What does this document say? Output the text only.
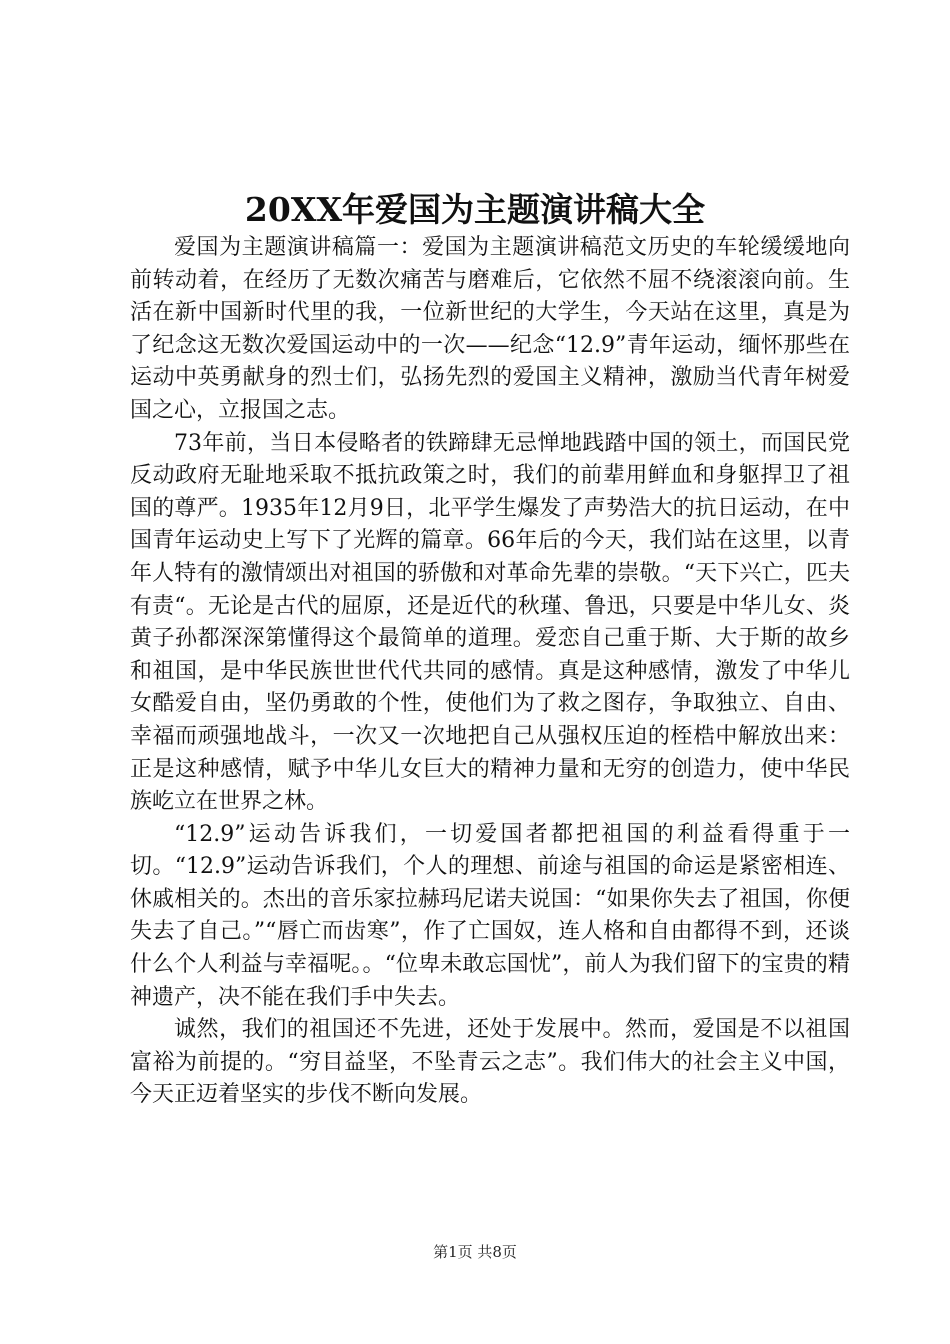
20XX年爱国为主题演讲稿大全

爱国为主题演讲稿篇一：爱国为主题演讲稿范文历史的车轮缓缓地向前转动着，在经历了无数次痛苦与磨难后，它依然不屈不绕滚滚向前。生活在新中国新时代里的我，一位新世纪的大学生，今天站在这里，真是为了纪念这无数次爱国运动中的一次——纪念“12.9”青年运动，缅怀那些在运动中英勇献身的烈士们，弘扬先烈的爱国主义精神，激励当代青年树爱国之心，立报国之志。

73年前，当日本侵略者的铁蹄肆无忌惮地践踏中国的领土，而国民党反动政府无耻地采取不抵抗政策之时，我们的前辈用鲜血和身躯捍卫了祖国的尊严。1935年12月9日，北平学生爆发了声势浩大的抗日运动，在中国青年运动史上写下了光辉的篇章。66年后的今天，我们站在这里，以青年人特有的激情颂出对祖国的骄傲和对革命先辈的崇敬。“天下兴亡，匹夫有责“。无论是古代的屈原，还是近代的秋瑾、鲁迅，只要是中华儿女、炎黄子孙都深深第懂得这个最简单的道理。爱恋自己重于斯、大于斯的故乡和祖国，是中华民族世世代代共同的感情。真是这种感情，激发了中华儿女酷爱自由，坚仍勇敢的个性，使他们为了救之图存，争取独立、自由、幸福而顽强地战斗，一次又一次地把自己从强权压迫的桎梏中解放出来：正是这种感情，赋予中华儿女巨大的精神力量和无穷的创造力，使中华民族屹立在世界之林。

“12.9”运动告诉我们，一切爱国者都把祖国的利益看得重于一切。“12.9”运动告诉我们，个人的理想、前途与祖国的命运是紧密相连、休戚相关的。杰出的音乐家拉赫玛尼诺夫说国：“如果你失去了祖国，你便失去了自己。”“唇亡而齿寒”，作了亡国奴，连人格和自由都得不到，还谈什么个人利益与幸福呢。。“位卑未敢忘国忧”，前人为我们留下的宝贵的精神遗产，决不能在我们手中失去。

诚然，我们的祖国还不先进，还处于发展中。然而，爱国是不以祖国富裕为前提的。“穷目益坚，不坠青云之志”。我们伟大的社会主义中国，今天正迈着坚实的步伐不断向发展。

第1页 共8页
